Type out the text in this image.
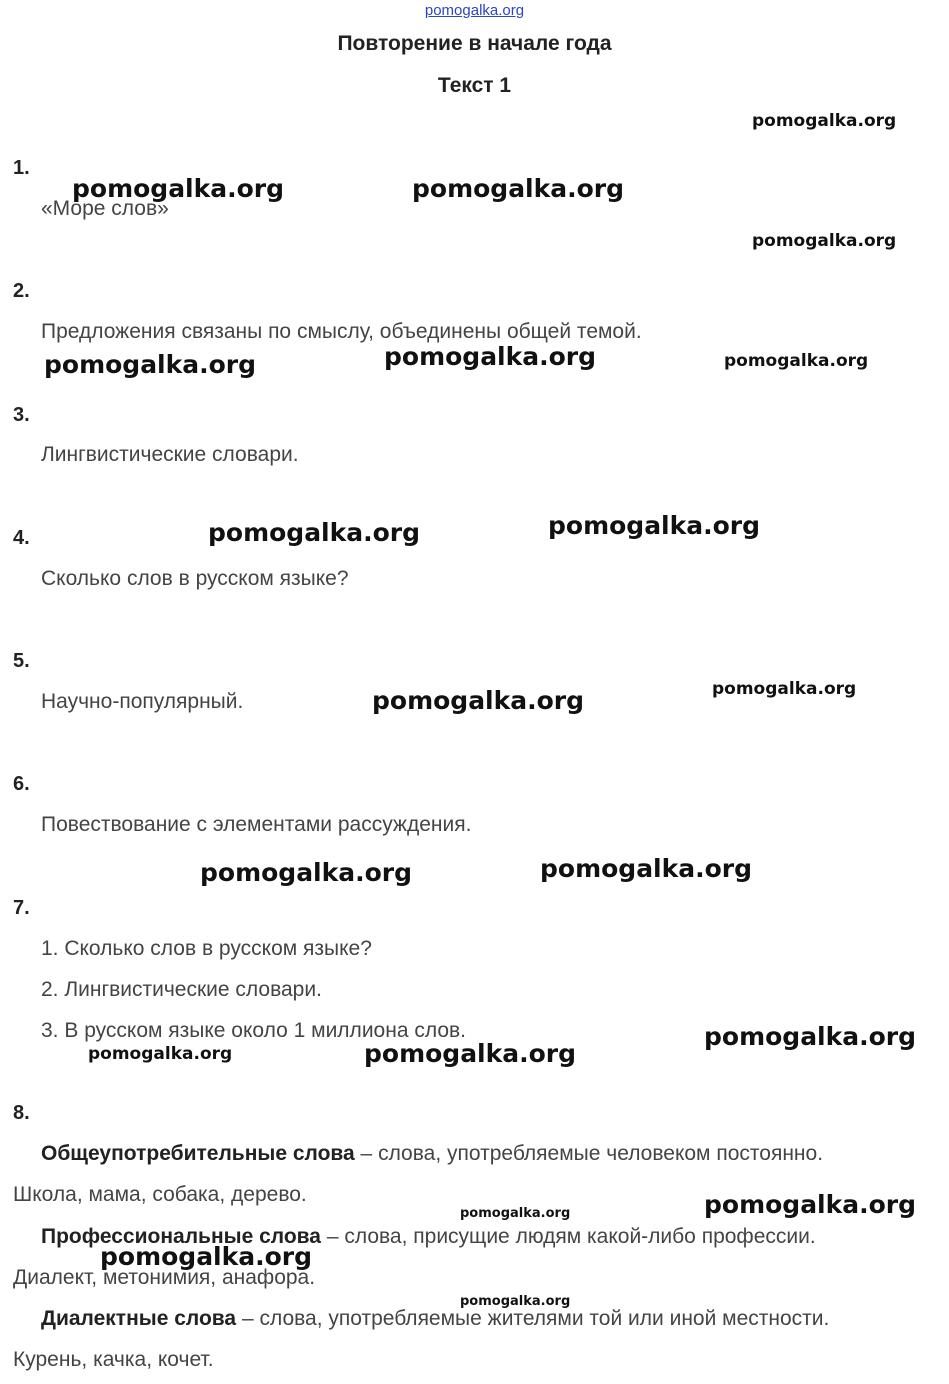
pomogalka.org
Повторение в начале года
Текст 1
1.
«Море слов»
2.
Предложения связаны по смыслу, объединены общей темой.
3.
Лингвистические словари.
4.
Сколько слов в русском языке?
5.
Научно-популярный.
6.
Повествование с элементами рассуждения.
7.
1. Сколько слов в русском языке?
2. Лингвистические словари.
3. В русском языке около 1 миллиона слов.
8.
Общеупотребительные слова – слова, употребляемые человеком постоянно.
Школа, мама, собака, дерево.
Профессиональные слова – слова, присущие людям какой-либо профессии.
Диалект, метонимия, анафора.
Диалектные слова – слова, употребляемые жителями той или иной местности.
Курень, качка, кочет.
pomogalka.org
pomogalka.org	pomogalka.org
pomogalka.org
pomogalka.org
pomogalka.org	pomogalka.org
pomogalka.org
pomogalka.org
pomogalka.org
pomogalka.org
pomogalka.org
pomogalka.org
pomogalka.org
pomogalka.org	pomogalka.org
pomogalka.org
pomogalka.org
pomogalka.org
pomogalka.org
